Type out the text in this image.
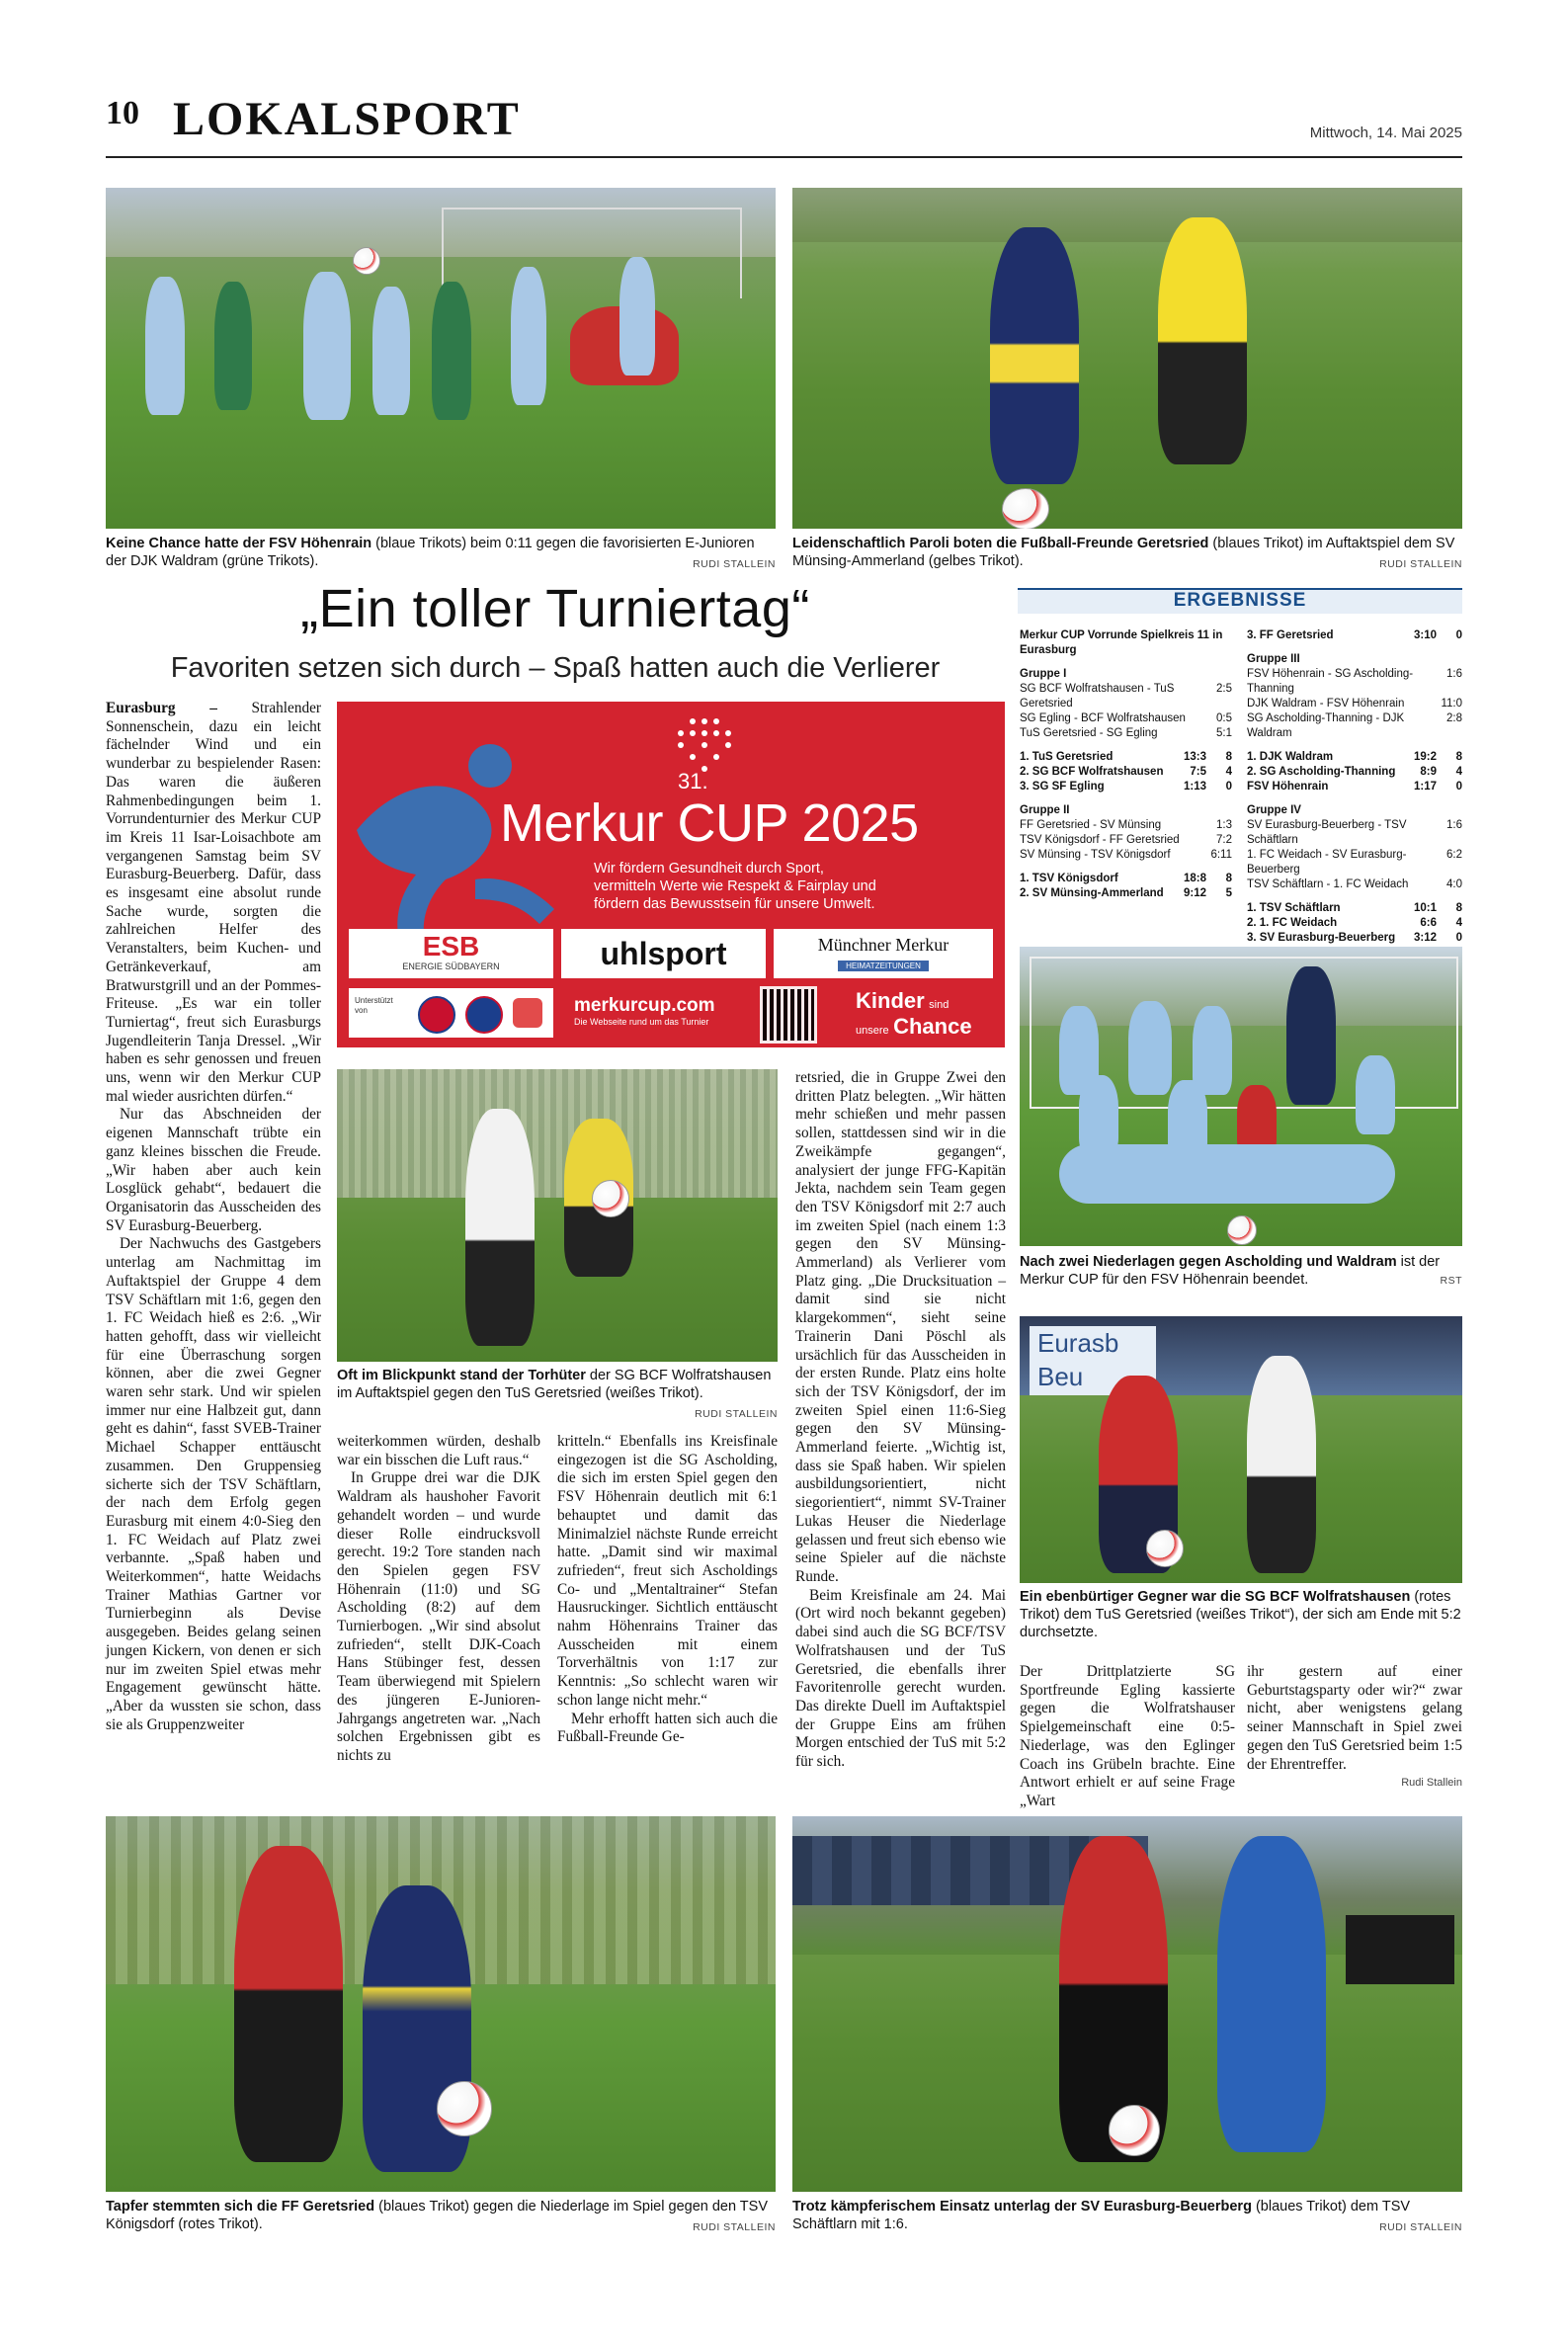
10 LOKALSPORT	Mittwoch, 14. Mai 2025
Keine Chance hatte der FSV Höhenrain (blaue Trikots) beim 0:11 gegen die favorisierten E-Junioren der DJK Waldram (grüne Trikots).	RUDI STALLEIN
Leidenschaftlich Paroli boten die Fußball-Freunde Geretsried (blaues Trikot) im Auftaktspiel dem SV Münsing-Ammerland (gelbes Trikot).	RUDI STALLEIN
„Ein toller Turniertag“
Favoriten setzen sich durch – Spaß hatten auch die Verlierer

Eurasburg – Strahlender Sonnenschein, dazu ein leicht fächelnder Wind und ein wunderbar zu bespielender Rasen: Das waren die äußeren Rahmenbedingungen beim 1. Vorrundenturnier des Merkur CUP im Kreis 11 Isar-Loisachbote am vergangenen Samstag beim SV Eurasburg-Beuerberg. Dafür, dass es insgesamt eine absolut runde Sache wurde, sorgten die zahlreichen Helfer des Veranstalters, beim Kuchen- und Getränkeverkauf, am Bratwurstgrill und an der Pommes-Friteuse. „Es war ein toller Turniertag“, freut sich Eurasburgs Jugendleiterin Tanja Dressel. „Wir haben es sehr genossen und freuen uns, wenn wir den Merkur CUP mal wieder ausrichten dürfen.“

Nur das Abschneiden der eigenen Mannschaft trübte ein ganz kleines bisschen die Freude. „Wir haben aber auch kein Losglück gehabt“, bedauert die Organisatorin das Ausscheiden des SV Eurasburg-Beuerberg.

Der Nachwuchs des Gastgebers unterlag am Nachmittag im Auftaktspiel der Gruppe 4 dem TSV Schäftlarn mit 1:6, gegen den 1. FC Weidach hieß es 2:6. „Wir hatten gehofft, dass wir vielleicht für eine Überraschung sorgen können, aber die zwei Gegner waren sehr stark. Und wir spielen immer nur eine Halbzeit gut, dann geht es dahin“, fasst SVEB-Trainer Michael Schapper enttäuscht zusammen. Den Gruppensieg sicherte sich der TSV Schäftlarn, der nach dem Erfolg gegen Eurasburg mit einem 4:0-Sieg den 1. FC Weidach auf Platz zwei verbannte. „Spaß haben und Weiterkommen“, hatte Weidachs Trainer Mathias Gartner vor Turnierbeginn als Devise ausgegeben. Beides gelang seinen jungen Kickern, von denen er sich nur im zweiten Spiel etwas mehr Engagement gewünscht hätte. „Aber da wussten sie schon, dass sie als Gruppenzweiter

31.
Merkur CUP 2025
Wir fördern Gesundheit durch Sport,
vermitteln Werte wie Respekt & Fairplay und
fördern das Bewusstsein für unsere Umwelt.
ESB
ENERGIE SÜDBAYERN	uhlsport	Münchner Merkur
HEIMATZEITUNGEN
Unterstützt von	merkurcup.com
Die Webseite rund um das Turnier
Kinder sind
unsere Chance
Oft im Blickpunkt stand der Torhüter der SG BCF Wolfratshausen im Auftaktspiel gegen den TuS Geretsried (weißes Trikot).
RUDI STALLEIN

weiterkommen würden, deshalb war ein bisschen die Luft raus.“

In Gruppe drei war die DJK Waldram als haushoher Favorit gehandelt worden – und wurde dieser Rolle eindrucksvoll gerecht. 19:2 Tore standen nach den Spielen gegen FSV Höhenrain (11:0) und SG Ascholding (8:2) auf dem Turnierbogen. „Wir sind absolut zufrieden“, stellt DJK-Coach Hans Stübinger fest, dessen Team überwiegend mit Spielern des jüngeren E-Junioren-Jahrgangs angetreten war. „Nach solchen Ergebnissen gibt es nichts zu

kritteln.“ Ebenfalls ins Kreisfinale eingezogen ist die SG Ascholding, die sich im ersten Spiel gegen den FSV Höhenrain deutlich mit 6:1 behauptet und damit das Minimalziel nächste Runde erreicht hatte. „Damit sind wir maximal zufrieden“, freut sich Ascholdings Co- und „Mentaltrainer“ Stefan Hausruckinger. Sichtlich enttäuscht nahm Höhenrains Trainer das Ausscheiden mit einem Torverhältnis von 1:17 zur Kenntnis: „So schlecht waren wir schon lange nicht mehr.“

Mehr erhofft hatten sich auch die Fußball-Freunde Ge-

retsried, die in Gruppe Zwei den dritten Platz belegten. „Wir hätten mehr schießen und mehr passen sollen, stattdessen sind wir in die Zweikämpfe gegangen“, analysiert der junge FFG-Kapitän Jekta, nachdem sein Team gegen den TSV Königsdorf mit 2:7 auch im zweiten Spiel (nach einem 1:3 gegen den SV Münsing-Ammerland) als Verlierer vom Platz ging. „Die Drucksituation – damit sind sie nicht klargekommen“, sieht seine Trainerin Dani Pöschl als ursächlich für das Ausscheiden in der ersten Runde. Platz eins holte sich der TSV Königsdorf, der im zweiten Spiel einen 11:6-Sieg gegen den SV Münsing-Ammerland feierte. „Wichtig ist, dass sie Spaß haben. Wir spielen ausbildungsorientiert, nicht siegorientiert“, nimmt SV-Trainer Lukas Heuser die Niederlage gelassen und freut sich ebenso wie seine Spieler auf die nächste Runde.

Beim Kreisfinale am 24. Mai (Ort wird noch bekannt gegeben) dabei sind auch die SG BCF/TSV Wolfratshausen und der TuS Geretsried, die ebenfalls ihrer Favoritenrolle gerecht wurden. Das direkte Duell im Auftaktspiel der Gruppe Eins am frühen Morgen entschied der TuS mit 5:2 für sich.

ERGEBNISSE
Merkur CUP Vorrunde Spielkreis 11 in Eurasburg
Gruppe I
SG BCF Wolfratshausen - TuS Geretsried
2:5
SG Egling - BCF Wolfratshausen	0:5
TuS Geretsried - SG Egling	5:1
1. TuS Geretsried	13:3 8
2. SG BCF Wolfratshausen	7:5 4
3. SG SF Egling	1:13 0
Gruppe II
FF Geretsried - SV Münsing	1:3
TSV Königsdorf - FF Geretsried	7:2
SV Münsing - TSV Königsdorf	6:11
1. TSV Königsdorf	18:8 8
2. SV Münsing-Ammerland	9:12 5
3. FF Geretsried	3:10 0
Gruppe III
FSV Höhenrain - SG Ascholding-Thanning
1:6
DJK Waldram - FSV Höhenrain	11:0
SG Ascholding-Thanning - DJK Waldram
2:8
1. DJK Waldram	19:2 8
2. SG Ascholding-Thanning	8:9 4
FSV Höhenrain	1:17 0
Gruppe IV
SV Eurasburg-Beuerberg - TSV Schäftlarn
1:6
1. FC Weidach - SV Eurasburg-Beuerberg
6:2
TSV Schäftlarn - 1. FC Weidach	4:0
1. TSV Schäftlarn	10:1 8
2. 1. FC Weidach	6:6 4
3. SV Eurasburg-Beuerberg	3:12 0
Nach zwei Niederlagen gegen Ascholding und Waldram ist der Merkur CUP für den FSV Höhenrain beendet.	RST
Eurasb
Beu
Ein ebenbürtiger Gegner war die SG BCF Wolfratshausen (rotes Trikot) dem TuS Geretsried (weißes Trikot“), der sich am Ende mit 5:2 durchsetzte.

Der Drittplatzierte SG Sportfreunde Egling kassierte gegen die Wolfratshauser Spielgemeinschaft eine 0:5-Niederlage, was den Eglinger Coach ins Grübeln brachte. Eine Antwort erhielt er auf seine Frage „Wart

ihr gestern auf einer Geburtstagsparty oder wir?“ zwar nicht, aber wenigstens gelang seiner Mannschaft in Spiel zwei gegen den TuS Geretsried beim 1:5 der Ehrentreffer.

Rudi Stallein
Tapfer stemmten sich die FF Geretsried (blaues Trikot) gegen die Niederlage im Spiel gegen den TSV Königsdorf (rotes Trikot).	RUDI STALLEIN
Trotz kämpferischem Einsatz unterlag der SV Eurasburg-Beuerberg (blaues Trikot) dem TSV Schäftlarn mit 1:6.	RUDI STALLEIN
